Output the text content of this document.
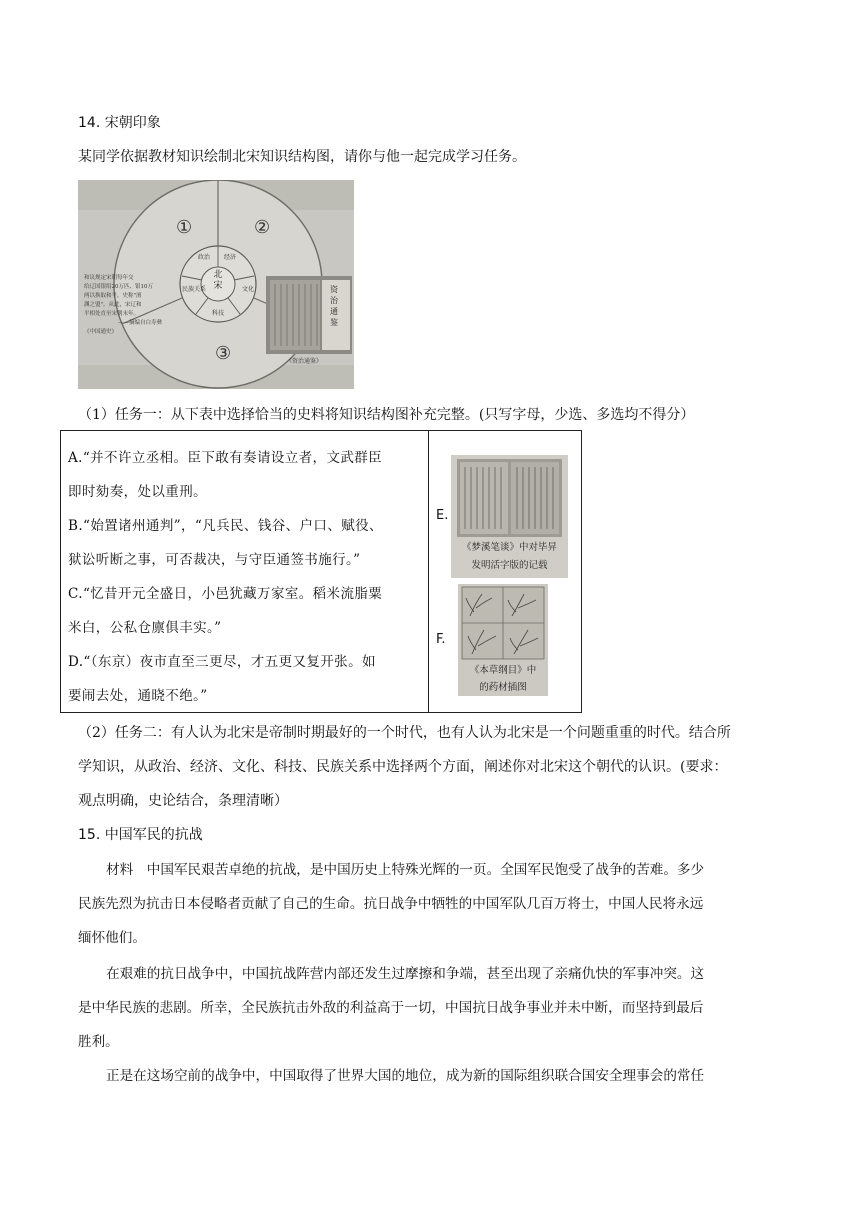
14. 宋朝印象
某同学依据教材知识绘制北宋知识结构图，请你与他一起完成学习任务。
①	②
③
北宋
政治 经济
民族关系	文化
科技
和议规定宋朝每年交
给辽国银绢20万匹、银10万
两以换取和平，史称"澶
渊之盟"。从此，宋辽和
平相处直至宋朝末年。
——摘编自白寿彝
《中国通史》
资治通鉴
《资治通鉴》
（1）任务一：从下表中选择恰当的史料将知识结构图补充完整。(只写字母，少选、多选均不得分）
A.“并不许立丞相。臣下敢有奏请设立者，文武群臣
即时劾奏，处以重刑。
B.“始置诸州通判”，“凡兵民、钱谷、户口、赋役、
狱讼听断之事，可否裁决，与守臣通签书施行。”
C.“忆昔开元全盛日，小邑犹藏万家室。稻米流脂粟
米白，公私仓廪俱丰实。”
D.“（东京）夜市直至三更尽，才五更又复开张。如
要闹去处，通晓不绝。”
E.
《梦溪笔谈》中对毕昇
发明活字版的记载
F.
《本草纲目》中
的药材插图
（2）任务二：有人认为北宋是帝制时期最好的一个时代，也有人认为北宋是一个问题重重的时代。结合所
学知识，从政治、经济、文化、科技、民族关系中选择两个方面，阐述你对北宋这个朝代的认识。(要求：
观点明确，史论结合，条理清晰）
15. 中国军民的抗战
材料　中国军民艰苦卓绝的抗战，是中国历史上特殊光辉的一页。全国军民饱受了战争的苦难。多少
民族先烈为抗击日本侵略者贡献了自己的生命。抗日战争中牺牲的中国军队几百万将士，中国人民将永远
缅怀他们。
在艰难的抗日战争中，中国抗战阵营内部还发生过摩擦和争端，甚至出现了亲痛仇快的军事冲突。这
是中华民族的悲剧。所幸，全民族抗击外敌的利益高于一切，中国抗日战争事业并未中断，而坚持到最后
胜利。
正是在这场空前的战争中，中国取得了世界大国的地位，成为新的国际组织联合国安全理事会的常任
